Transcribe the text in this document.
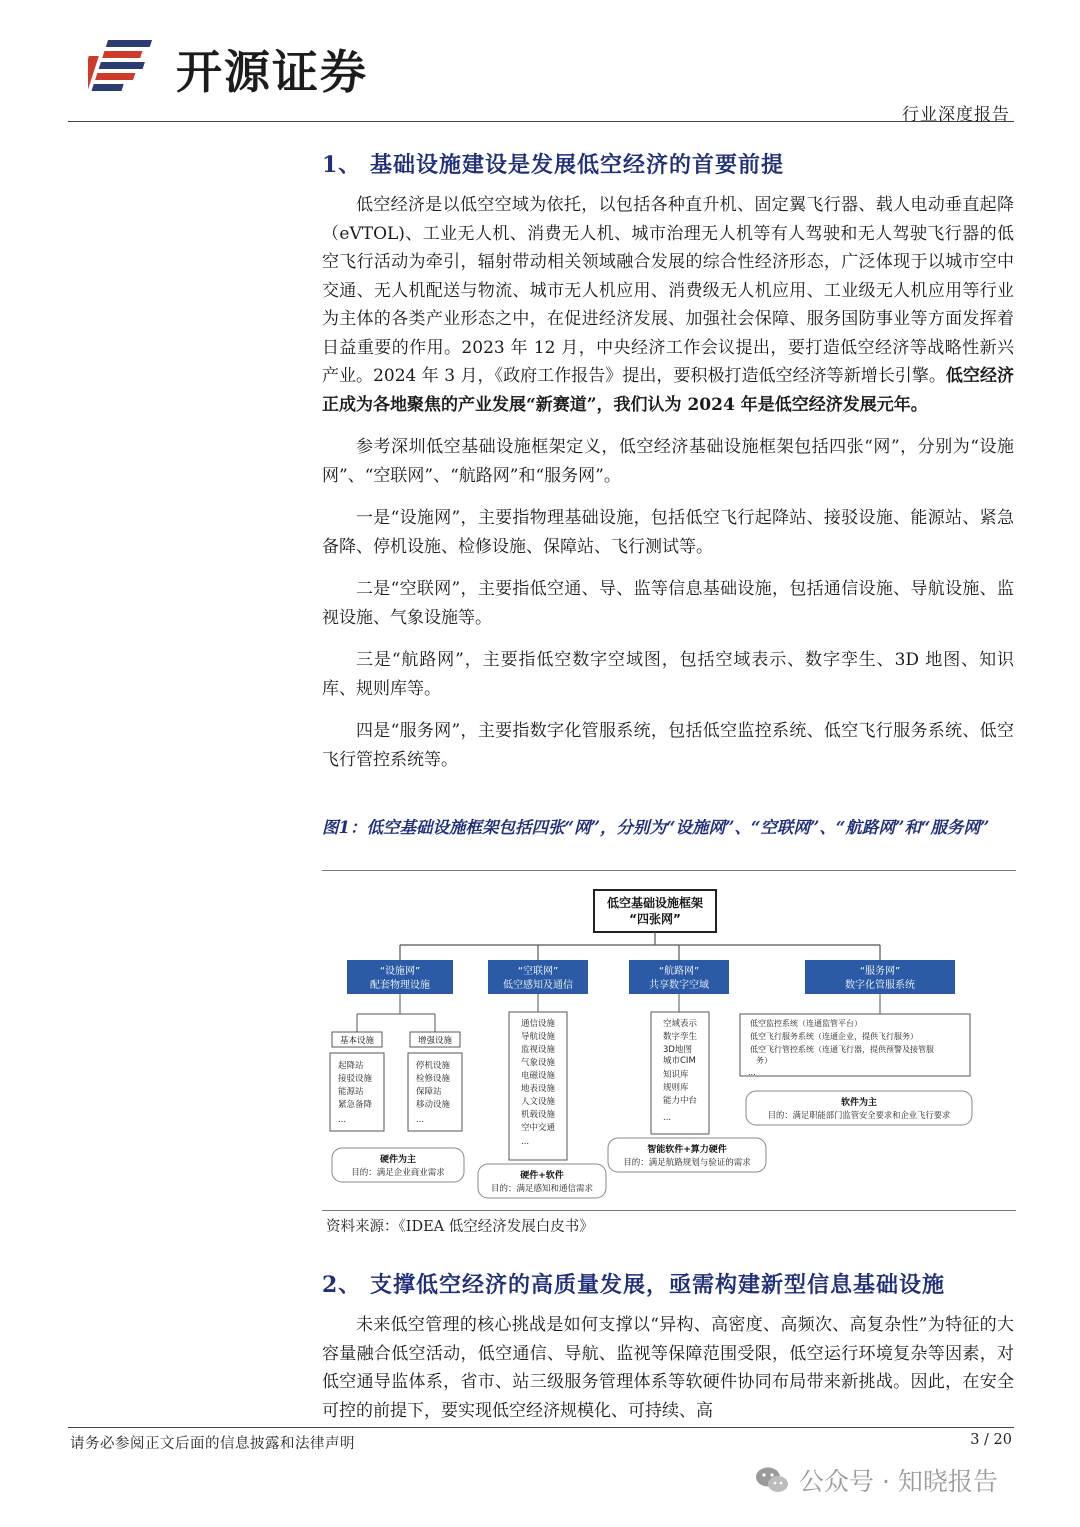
开源证券
行业深度报告
1、 基础设施建设是发展低空经济的首要前提

低空经济是以低空空域为依托，以包括各种直升机、固定翼飞行器、载人电动垂直起降（eVTOL)、工业无人机、消费无人机、城市治理无人机等有人驾驶和无人驾驶飞行器的低空飞行活动为牵引，辐射带动相关领域融合发展的综合性经济形态，广泛体现于以城市空中交通、无人机配送与物流、城市无人机应用、消费级无人机应用、工业级无人机应用等行业为主体的各类产业形态之中，在促进经济发展、加强社会保障、服务国防事业等方面发挥着日益重要的作用。2023 年 12 月，中央经济工作会议提出，要打造低空经济等战略性新兴产业。2024 年 3 月，《政府工作报告》提出，要积极打造低空经济等新增长引擎。低空经济正成为各地聚焦的产业发展“新赛道”，我们认为 2024 年是低空经济发展元年。

参考深圳低空基础设施框架定义，低空经济基础设施框架包括四张“网”，分别为“设施网”、“空联网”、“航路网”和“服务网”。

一是“设施网”，主要指物理基础设施，包括低空飞行起降站、接驳设施、能源站、紧急备降、停机设施、检修设施、保障站、飞行测试等。

二是“空联网”，主要指低空通、导、监等信息基础设施，包括通信设施、导航设施、监视设施、气象设施等。

三是“航路网”，主要指低空数字空域图，包括空域表示、数字孪生、3D 地图、知识库、规则库等。

四是“服务网”，主要指数字化管服系统，包括低空监控系统、低空飞行服务系统、低空飞行管控系统等。

图1：低空基础设施框架包括四张“网”，分别为“设施网”、“空联网”、“航路网”和“服务网”
低空基础设施框架
“四张网”
“设施网”
配套物理设施
“空联网”
低空感知及通信
“航路网”
共享数字空域
“服务网”
数字化管服系统
基本设施	增强设施
起降站
接驳设施
能源站
紧急备降
...
停机设施
检修设施
保障站
移动设施
...
硬件为主
目的：满足企业商业需求
通信设施
导航设施
监视设施
气象设施
电磁设施
地表设施
人文设施
机载设施
空中交通
...
硬件+软件
目的：满足感知和通信需求
空域表示
数字孪生
3D地图
城市CIM
知识库
规则库
能力中台
...
智能软件+算力硬件
目的：满足航路规划与验证的需求
低空监控系统（连通监管平台）
低空飞行服务系统（连通企业，提供飞行服务）
低空飞行管控系统（连通飞行器，提供预警及接管服
务）
...
软件为主
目的：满足职能部门监管安全要求和企业飞行要求
资料来源：《IDEA 低空经济发展白皮书》
2、 支撑低空经济的高质量发展，亟需构建新型信息基础设施

未来低空管理的核心挑战是如何支撑以“异构、高密度、高频次、高复杂性”为特征的大容量融合低空活动，低空通信、导航、监视等保障范围受限，低空运行环境复杂等因素，对低空通导监体系，省市、站三级服务管理体系等软硬件协同布局带来新挑战。因此，在安全可控的前提下，要实现低空经济规模化、可持续、高

请务必参阅正文后面的信息披露和法律声明	3 / 20
公众号 · 知晓报告
